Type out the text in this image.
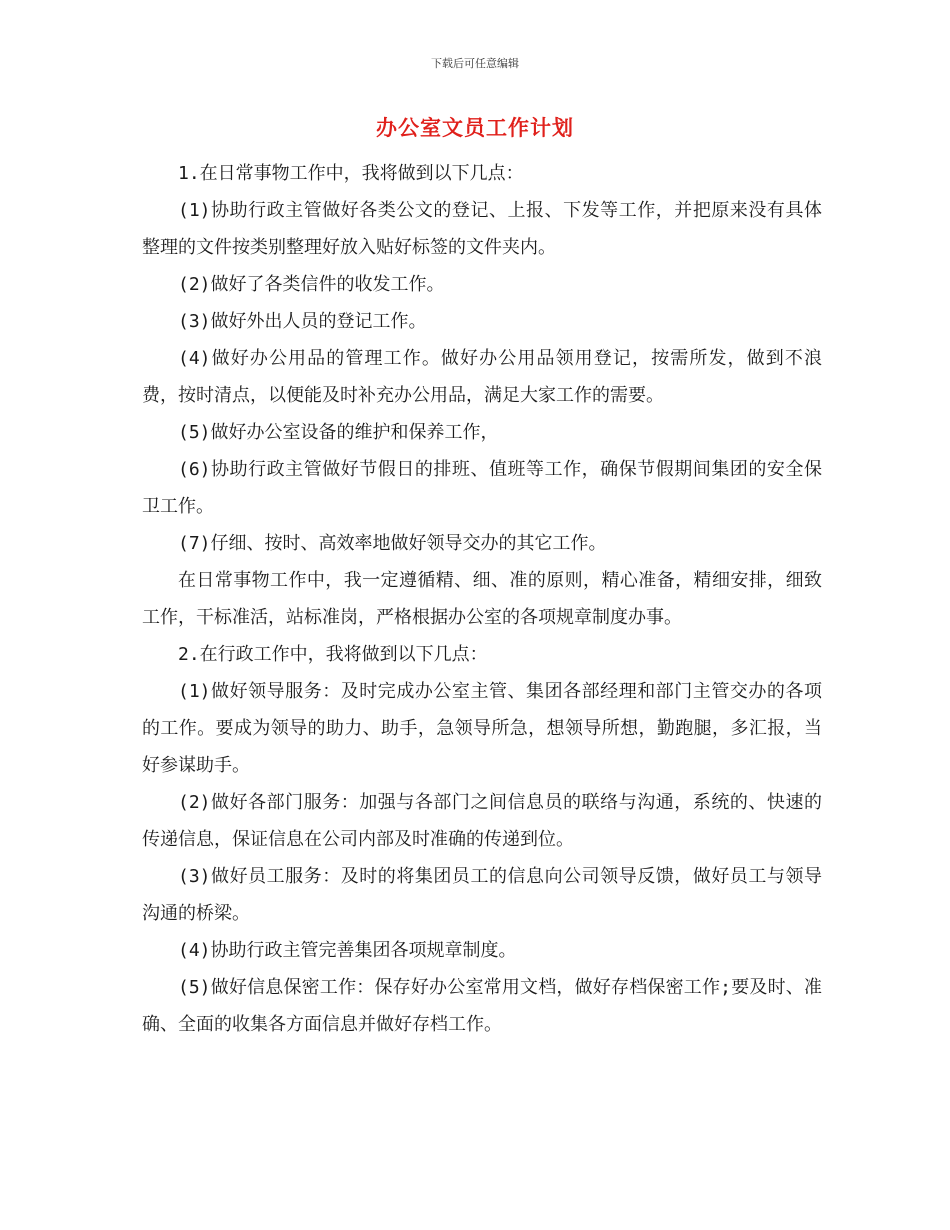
下载后可任意编辑
办公室文员工作计划

1.在日常事物工作中，我将做到以下几点：

(1)协助行政主管做好各类公文的登记、上报、下发等工作，并把原来没有具体整理的文件按类别整理好放入贴好标签的文件夹内。

(2)做好了各类信件的收发工作。

(3)做好外出人员的登记工作。

(4)做好办公用品的管理工作。做好办公用品领用登记，按需所发，做到不浪费，按时清点，以便能及时补充办公用品，满足大家工作的需要。

(5)做好办公室设备的维护和保养工作，

(6)协助行政主管做好节假日的排班、值班等工作，确保节假期间集团的安全保卫工作。

(7)仔细、按时、高效率地做好领导交办的其它工作。

在日常事物工作中，我一定遵循精、细、准的原则，精心准备，精细安排，细致工作，干标准活，站标准岗，严格根据办公室的各项规章制度办事。

2.在行政工作中，我将做到以下几点：

(1)做好领导服务：及时完成办公室主管、集团各部经理和部门主管交办的各项的工作。要成为领导的助力、助手，急领导所急，想领导所想，勤跑腿，多汇报，当好参谋助手。

(2)做好各部门服务：加强与各部门之间信息员的联络与沟通，系统的、快速的传递信息，保证信息在公司内部及时准确的传递到位。

(3)做好员工服务：及时的将集团员工的信息向公司领导反馈，做好员工与领导沟通的桥梁。

(4)协助行政主管完善集团各项规章制度。

(5)做好信息保密工作：保存好办公室常用文档，做好存档保密工作;要及时、准确、全面的收集各方面信息并做好存档工作。
